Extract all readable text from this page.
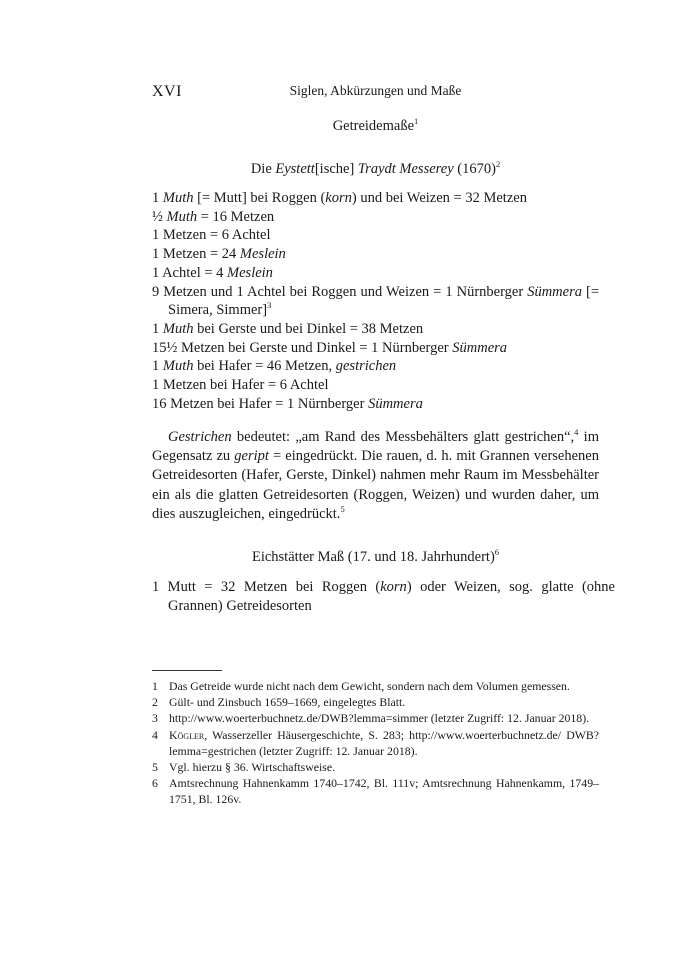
XVI	Siglen, Abkürzungen und Maße
Getreidemaße$^1$
Die Eystett[ische] Traydt Messerey $(1670)^2$
1 Muth [= Mutt] bei Roggen (korn) und bei Weizen = 32 Metzen
½ Muth = 16 Metzen
1 Metzen = 6 Achtel
1 Metzen = 24 Meslein
1 Achtel = 4 Meslein
9 Metzen und 1 Achtel bei Roggen und Weizen = 1 Nürnberger Sümmera [= Simera, Simmer]$^3$
1 Muth bei Gerste und bei Dinkel = 38 Metzen
15½ Metzen bei Gerste und Dinkel = 1 Nürnberger Sümmera
1 Muth bei Hafer = 46 Metzen, gestrichen
1 Metzen bei Hafer = 6 Achtel
16 Metzen bei Hafer = 1 Nürnberger Sümmera

Gestrichen bedeutet: „am Rand des Messbehälters glatt gestrichen“,$^4$ im Gegensatz zu geript = eingedrückt. Die rauen, d. h. mit Grannen versehenen Getreidesorten (Hafer, Gerste, Dinkel) nahmen mehr Raum im Messbehälter ein als die glatten Getreidesorten (Roggen, Weizen) und wurden daher, um dies auszugleichen, eingedrückt.$^5$

Eichstätter Maß (17. und 18. Jahrhundert)$^6$

1 Mutt = 32 Metzen bei Roggen (korn) oder Weizen, sog. glatte (ohne Grannen) Getreidesorten

1 Das Getreide wurde nicht nach dem Gewicht, sondern nach dem Volumen gemessen.
2 Gült- und Zinsbuch 1659–1669, eingelegtes Blatt.
3 http://www.woerterbuchnetz.de/DWB?lemma=simmer (letzter Zugriff: 12. Januar 2018).
4 Kögler, Wasserzeller Häusergeschichte, S. 283; http://www.woerterbuchnetz.de/ DWB?lemma=gestrichen (letzter Zugriff: 12. Januar 2018).
5 Vgl. hierzu § 36. Wirtschaftsweise.
6 Amtsrechnung Hahnenkamm 1740–1742, Bl. 111v; Amtsrechnung Hahnenkamm, 1749–1751, Bl. 126v.
